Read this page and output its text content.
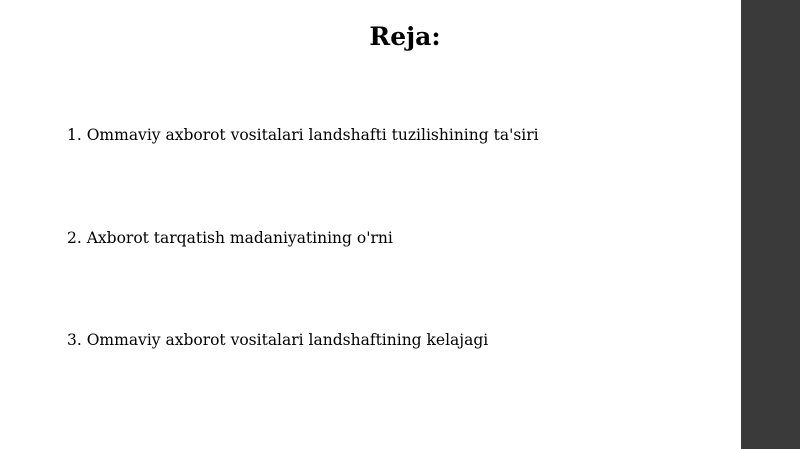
Reja:

1. Ommaviy axborot vositalari landshafti tuzilishining ta'siri

2. Axborot tarqatish madaniyatining o'rni

3. Ommaviy axborot vositalari landshaftining kelajagi
